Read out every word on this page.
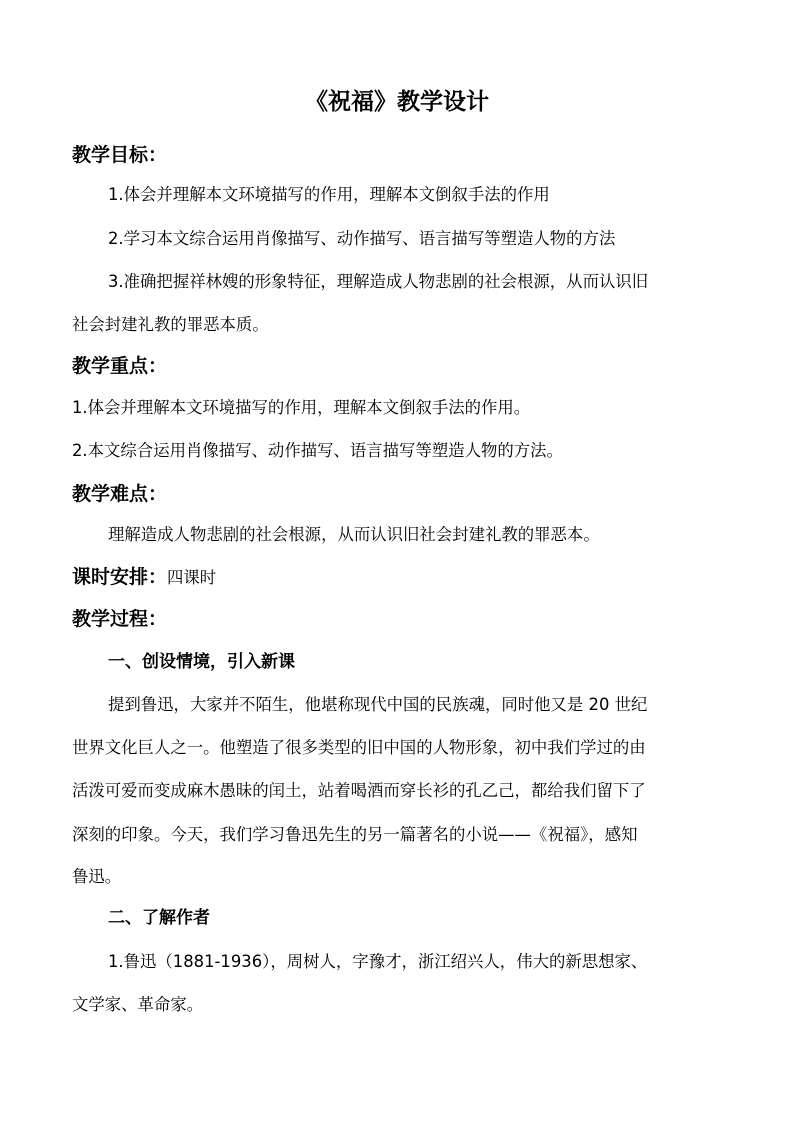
《祝福》教学设计
教学目标：
1.体会并理解本文环境描写的作用，理解本文倒叙手法的作用
2.学习本文综合运用肖像描写、动作描写、语言描写等塑造人物的方法
3.准确把握祥林嫂的形象特征，理解造成人物悲剧的社会根源，从而认识旧
社会封建礼教的罪恶本质。
教学重点：
1.体会并理解本文环境描写的作用，理解本文倒叙手法的作用。
2.本文综合运用肖像描写、动作描写、语言描写等塑造人物的方法。
教学难点：
理解造成人物悲剧的社会根源，从而认识旧社会封建礼教的罪恶本。
课时安排：四课时
教学过程：
一、创设情境，引入新课
提到鲁迅，大家并不陌生，他堪称现代中国的民族魂，同时他又是 20 世纪
世界文化巨人之一。他塑造了很多类型的旧中国的人物形象，初中我们学过的由
活泼可爱而变成麻木愚昧的闰土，站着喝酒而穿长衫的孔乙己，都给我们留下了
深刻的印象。今天，我们学习鲁迅先生的另一篇著名的小说——《祝福》，感知
鲁迅。
二、了解作者
1.鲁迅（1881-1936），周树人，字豫才，浙江绍兴人，伟大的新思想家、
文学家、革命家。
